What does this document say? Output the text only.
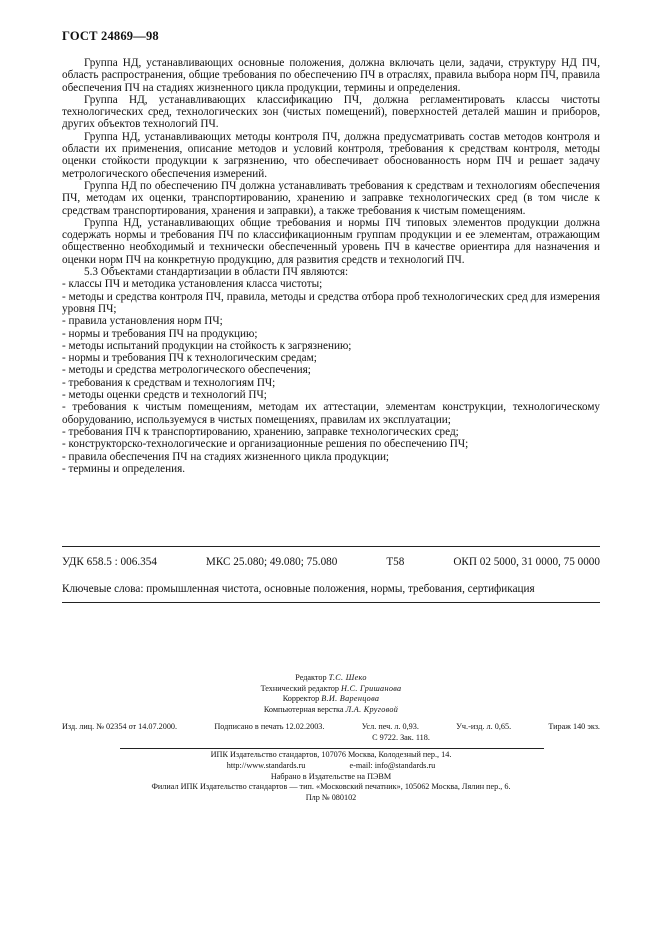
ГОСТ 24869—98

Группа НД, устанавливающих основные положения, должна включать цели, задачи, структуру НД ПЧ, область распространения, общие требования по обеспечению ПЧ в отраслях, правила выбора норм ПЧ, правила обеспечения ПЧ на стадиях жизненного цикла продукции, термины и определения.

Группа НД, устанавливающих классификацию ПЧ, должна регламентировать классы чистоты технологических сред, технологических зон (чистых помещений), поверхностей деталей машин и приборов, других объектов технологий ПЧ.

Группа НД, устанавливающих методы контроля ПЧ, должна предусматривать состав методов контроля и области их применения, описание методов и условий контроля, требования к средствам контроля, методы оценки стойкости продукции к загрязнению, что обеспечивает обоснованность норм ПЧ и решает задачу метрологического обеспечения измерений.

Группа НД по обеспечению ПЧ должна устанавливать требования к средствам и технологиям обеспечения ПЧ, методам их оценки, транспортированию, хранению и заправке технологических сред (в том числе к средствам транспортирования, хранения и заправки), а также требования к чистым помещениям.

Группа НД, устанавливающих общие требования и нормы ПЧ типовых элементов продукции должна содержать нормы и требования ПЧ по классификационным группам продукции и ее элементам, отражающим общественно необходимый и технически обеспеченный уровень ПЧ в качестве ориентира для назначения и оценки норм ПЧ на конкретную продукцию, для развития средств и технологий ПЧ.

5.3 Объектами стандартизации в области ПЧ являются:

- классы ПЧ и методика установления класса чистоты;
- методы и средства контроля ПЧ, правила, методы и средства отбора проб технологических сред для измерения уровня ПЧ;
- правила установления норм ПЧ;
- нормы и требования ПЧ на продукцию;
- методы испытаний продукции на стойкость к загрязнению;
- нормы и требования ПЧ к технологическим средам;
- методы и средства метрологического обеспечения;
- требования к средствам и технологиям ПЧ;
- методы оценки средств и технологий ПЧ;
- требования к чистым помещениям, методам их аттестации, элементам конструкции, технологическому оборудованию, используемуся в чистых помещениях, правилам их эксплуатации;
- требования ПЧ к транспортированию, хранению, заправке технологических сред;
- конструкторско-технологические и организационные решения по обеспечению ПЧ;
- правила обеспечения ПЧ на стадиях жизненного цикла продукции;
- термины и определения.
УДК 658.5 : 006.354	МКС 25.080; 49.080; 75.080	Т58	ОКП 02 5000, 31 0000, 75 0000
Ключевые слова: промышленная чистота, основные положения, нормы, требования, сертификация
Редактор Т.С. Шеко
Технический редактор Н.С. Гришанова
Корректор В.И. Варенцова
Компьютерная верстка Л.А. Круговой
Изд. лиц. № 02354 от 14.07.2000.	Подписано в печать 12.02.2003.	Усл. печ. л. 0,93.	Уч.-изд. л. 0,65.	Тираж 140 экз.
С 9722. Зак. 118.
ИПК Издательство стандартов, 107076 Москва, Колодезный пер., 14.
http://www.standards.ru	e-mail: info@standards.ru
Набрано в Издательстве на ПЭВМ
Филиал ИПК Издательство стандартов — тип. «Московский печатник», 105062 Москва, Лялин пер., 6.
Плр № 080102
